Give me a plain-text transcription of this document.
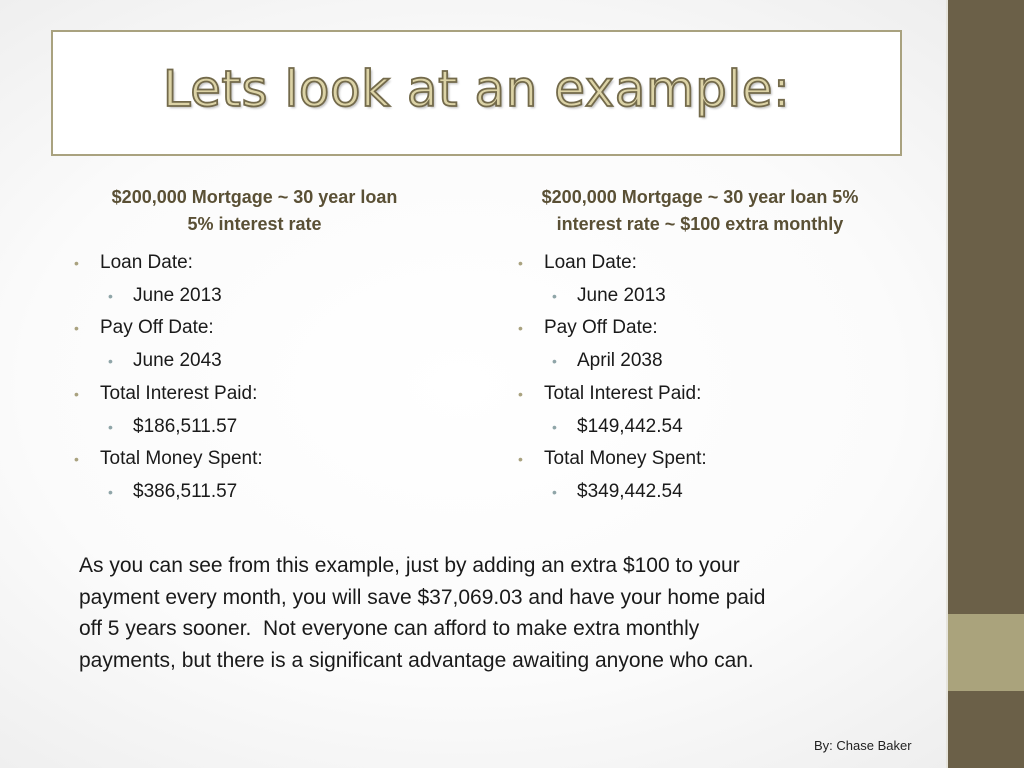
Lets look at an example:
$200,000 Mortgage ~ 30 year loan
5% interest rate
$200,000 Mortgage ~ 30 year loan 5%
interest rate ~ $100 extra monthly
• Loan Date:
• June 2013
• Pay Off Date:
• June 2043
• Total Interest Paid:
• $186,511.57
• Total Money Spent:
• $386,511.57
• Loan Date:
• June 2013
• Pay Off Date:
• April 2038
• Total Interest Paid:
• $149,442.54
• Total Money Spent:
• $349,442.54
As you can see from this example, just by adding an extra $100 to your
payment every month, you will save $37,069.03 and have your home paid
off 5 years sooner.  Not everyone can afford to make extra monthly
payments, but there is a significant advantage awaiting anyone who can.
By: Chase Baker
